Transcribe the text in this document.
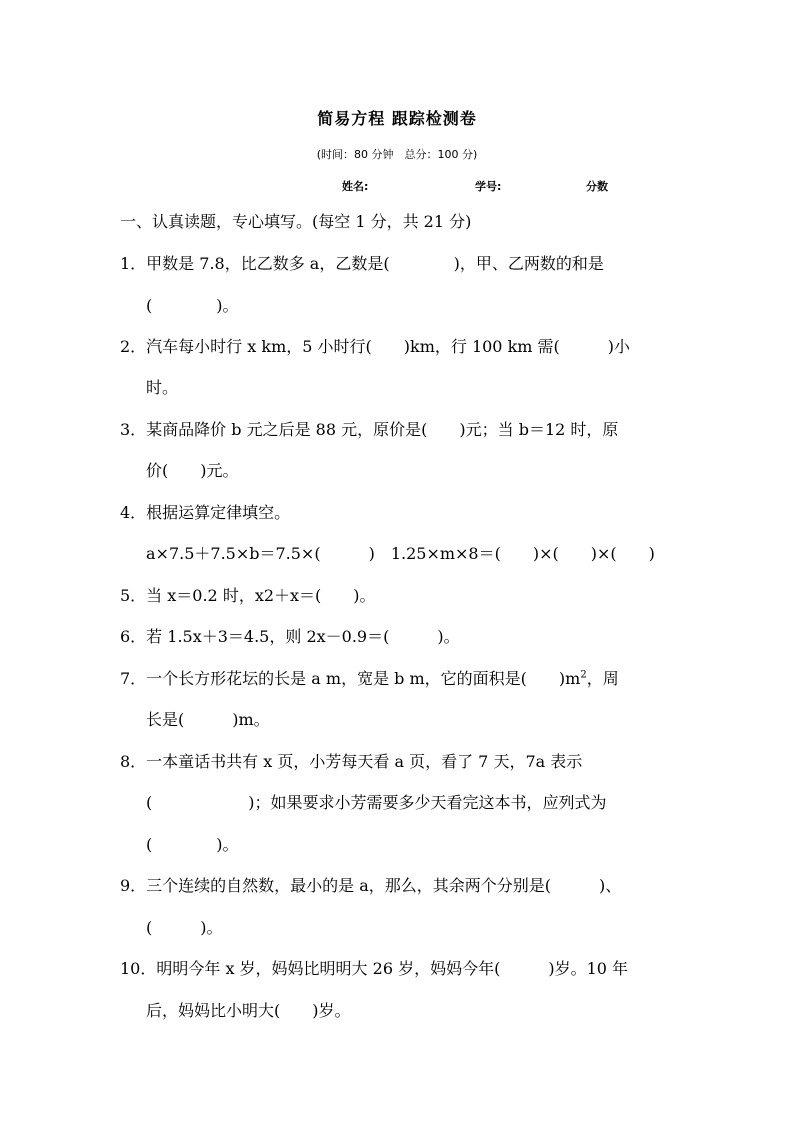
简易方程 跟踪检测卷
(时间：80 分钟　总分：100 分)
姓名:	学号:	分数
一、认真读题，专心填写。(每空 1 分，共 21 分)
1．甲数是 7.8，比乙数多 a，乙数是(　　　　)，甲、乙两数的和是
(　　　　)。
2．汽车每小时行 x km，5 小时行(　　)km，行 100 km 需(　　　)小
时。
3．某商品降价 b 元之后是 88 元，原价是(　　)元；当 b＝12 时，原
价(　　)元。
4．根据运算定律填空。
a×7.5＋7.5×b＝7.5×(　　　)　1.25×m×8＝(　　)×(　　)×(　　)
5．当 x＝0.2 时，x2＋x＝(　　)。
6．若 1.5x＋3＝4.5，则 2x－0.9＝(　　　)。
7．一个长方形花坛的长是 a m，宽是 b m，它的面积是(　　)$m^2$，周
长是(　　　)m。
8．一本童话书共有 x 页，小芳每天看 a 页，看了 7 天，7a 表示
(　　　　　　)；如果要求小芳需要多少天看完这本书，应列式为
(　　　　)。
9．三个连续的自然数，最小的是 a，那么，其余两个分别是(　　　)、
(　　　)。
10．明明今年 x 岁，妈妈比明明大 26 岁，妈妈今年(　　　)岁。10 年
后，妈妈比小明大(　　)岁。
